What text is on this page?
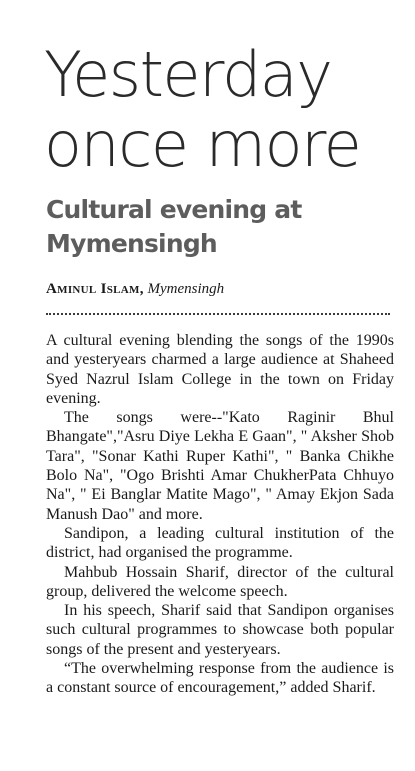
Yesterday
once more
Cultural evening at
Mymensingh
Aminul Islam, Mymensingh

A cultural evening blending the songs of the 1990s and yesteryears charmed a large audience at Shaheed Syed Nazrul Islam College in the town on Friday evening.

The songs were--"Kato Raginir Bhul Bhangate","Asru Diye Lekha E Gaan", " Aksher Shob Tara", "Sonar Kathi Ruper Kathi", " Banka Chikhe Bolo Na", "Ogo Brishti Amar ChukherPata Chhuyo Na", " Ei Banglar Matite Mago", " Amay Ekjon Sada Manush Dao" and more.

Sandipon, a leading cultural institution of the district, had organised the programme.

Mahbub Hossain Sharif, director of the cultural group, delivered the welcome speech.

In his speech, Sharif said that Sandipon organises such cultural programmes to showcase both popular songs of the present and yesteryears.

“The overwhelming response from the audience is a constant source of encouragement,” added Sharif.
